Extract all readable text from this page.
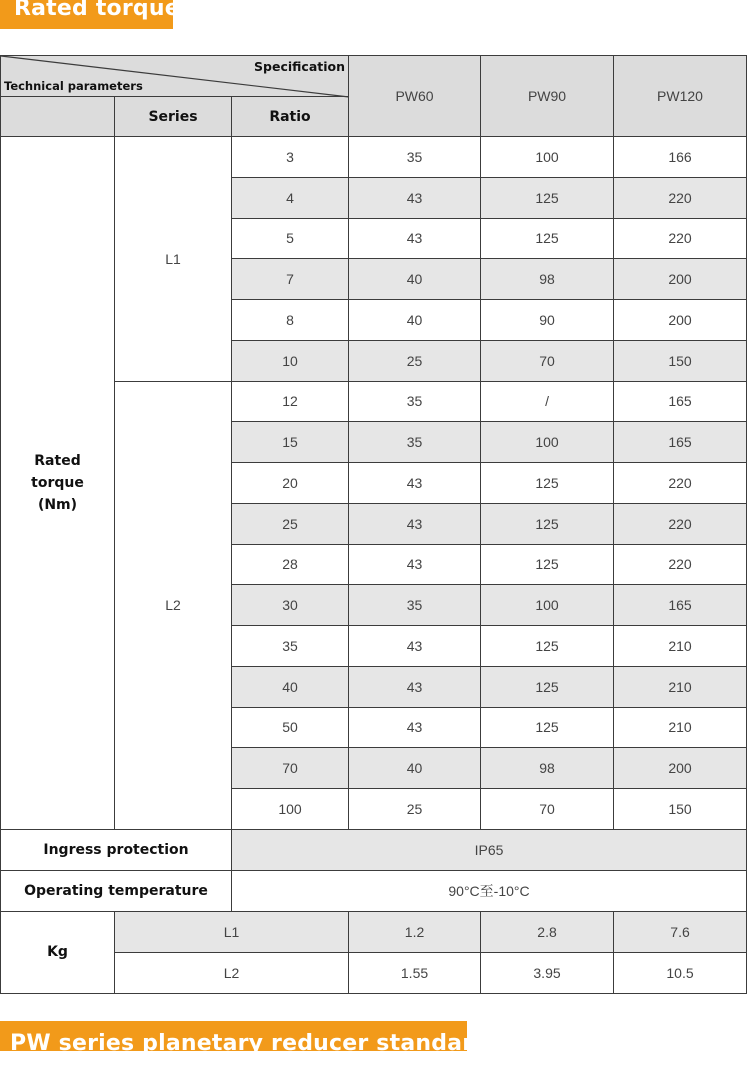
Rated torque
Specification
Technical parameters			PW60	PW90	PW120
	Series	Ratio			

Rated
torque
(Nm)	L1	3	35	100	166
		4	43	125	220
		5	43	125	220
		7	40	98	200
		8	40	90	200
		10	25	70	150
	L2	12	35	/	165
		15	35	100	165
		20	43	125	220
		25	43	125	220
		28	43	125	220
		30	35	100	165
		35	43	125	210
		40	43	125	210
		50	43	125	210
		70	40	98	200
		100	25	70	150
Ingress protection		IP65			
Operating temperature		90°C至-10°C			
Kg	L1		1.2	2.8	7.6
	L2		1.55	3.95	10.5
PW series planetary reducer standard size
